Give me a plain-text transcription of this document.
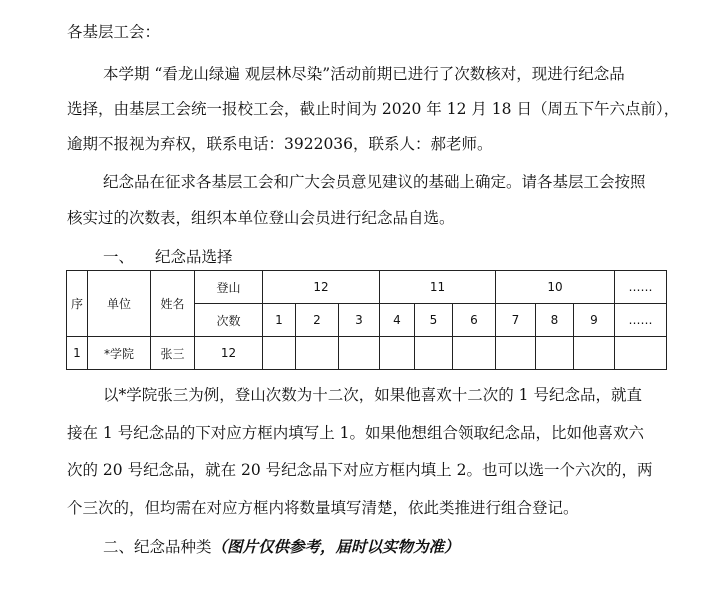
各基层工会：
本学期 “看龙山绿遍 观层林尽染”活动前期已进行了次数核对，现进行纪念品
选择，由基层工会统一报校工会，截止时间为 2020 年 12 月 18 日（周五下午六点前），
逾期不报视为弃权，联系电话：3922036，联系人：郝老师。
纪念品在征求各基层工会和广大会员意见建议的基础上确定。请各基层工会按照
核实过的次数表，组织本单位登山会员进行纪念品自选。
一、 纪念品选择
序	单位	姓名	登山	12			11			10			……
			次数	1	2	3	4	5	6	7	8	9	……
1	*学院	张三	12										
以*学院张三为例，登山次数为十二次，如果他喜欢十二次的 1 号纪念品，就直
接在 1 号纪念品的下对应方框内填写上 1。如果他想组合领取纪念品，比如他喜欢六
次的 20 号纪念品，就在 20 号纪念品下对应方框内填上 2。也可以选一个六次的，两
个三次的，但均需在对应方框内将数量填写清楚，依此类推进行组合登记。
二、纪念品种类（图片仅供参考，届时以实物为准）
